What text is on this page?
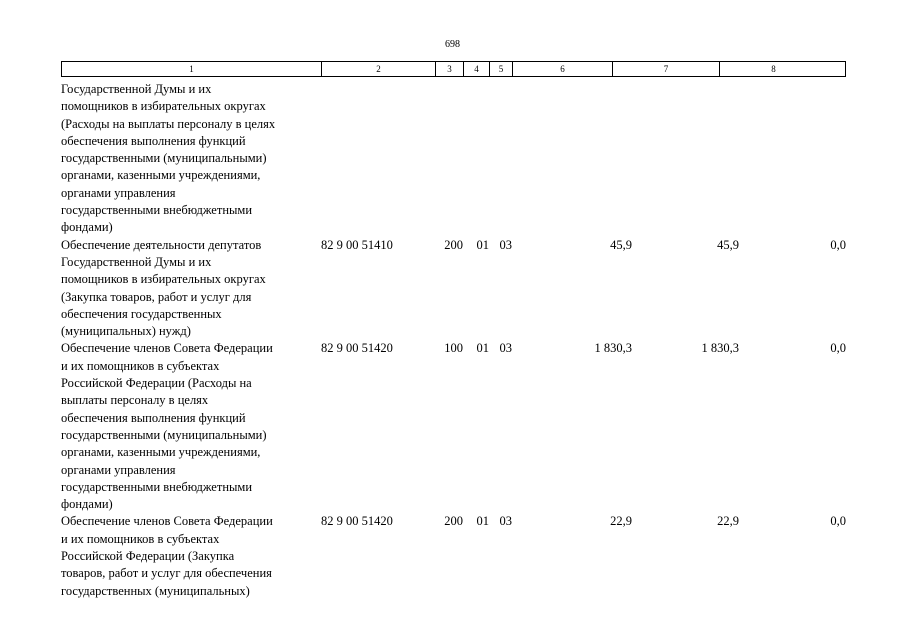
698
1	2	3	4	5	6	7	8
Государственной Думы и их
помощников в избирательных округах
(Расходы на выплаты персоналу в целях
обеспечения выполнения функций
государственными (муниципальными)
органами, казенными учреждениями,
органами управления
государственными внебюджетными
фондами)
Обеспечение деятельности депутатов
Государственной Думы и их
помощников в избирательных округах
(Закупка товаров, работ и услуг для
обеспечения государственных
(муниципальных) нужд)
82 9 00 51410	200	01 03	45,9	45,9	0,0
Обеспечение членов Совета Федерации
и их помощников в субъектах
Российской Федерации (Расходы на
выплаты персоналу в целях
обеспечения выполнения функций
государственными (муниципальными)
органами, казенными учреждениями,
органами управления
государственными внебюджетными
фондами)
82 9 00 51420	100	01 03	1 830,3	1 830,3	0,0
Обеспечение членов Совета Федерации
и их помощников в субъектах
Российской Федерации (Закупка
товаров, работ и услуг для обеспечения
государственных (муниципальных)
82 9 00 51420	200	01 03	22,9	22,9	0,0
